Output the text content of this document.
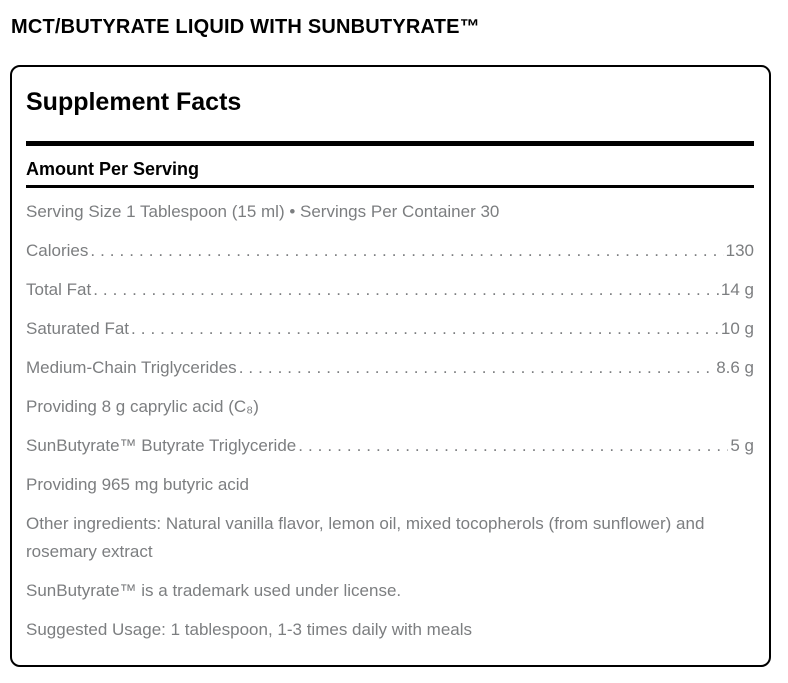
MCT/BUTYRATE LIQUID WITH SUNBUTYRATE™
Supplement Facts
Amount Per Serving
Serving Size 1 Tablespoon (15 ml) • Servings Per Container 30
Calories .....	130
Total Fat .....	14 g
Saturated Fat .....	10 g
Medium-Chain Triglycerides .....	8.6 g
Providing 8 g caprylic acid (C₈)
SunButyrate™ Butyrate Triglyceride .....	5 g
Providing 965 mg butyric acid
Other ingredients: Natural vanilla flavor, lemon oil, mixed tocopherols (from sunflower) and rosemary extract
SunButyrate™ is a trademark used under license.
Suggested Usage: 1 tablespoon, 1-3 times daily with meals
